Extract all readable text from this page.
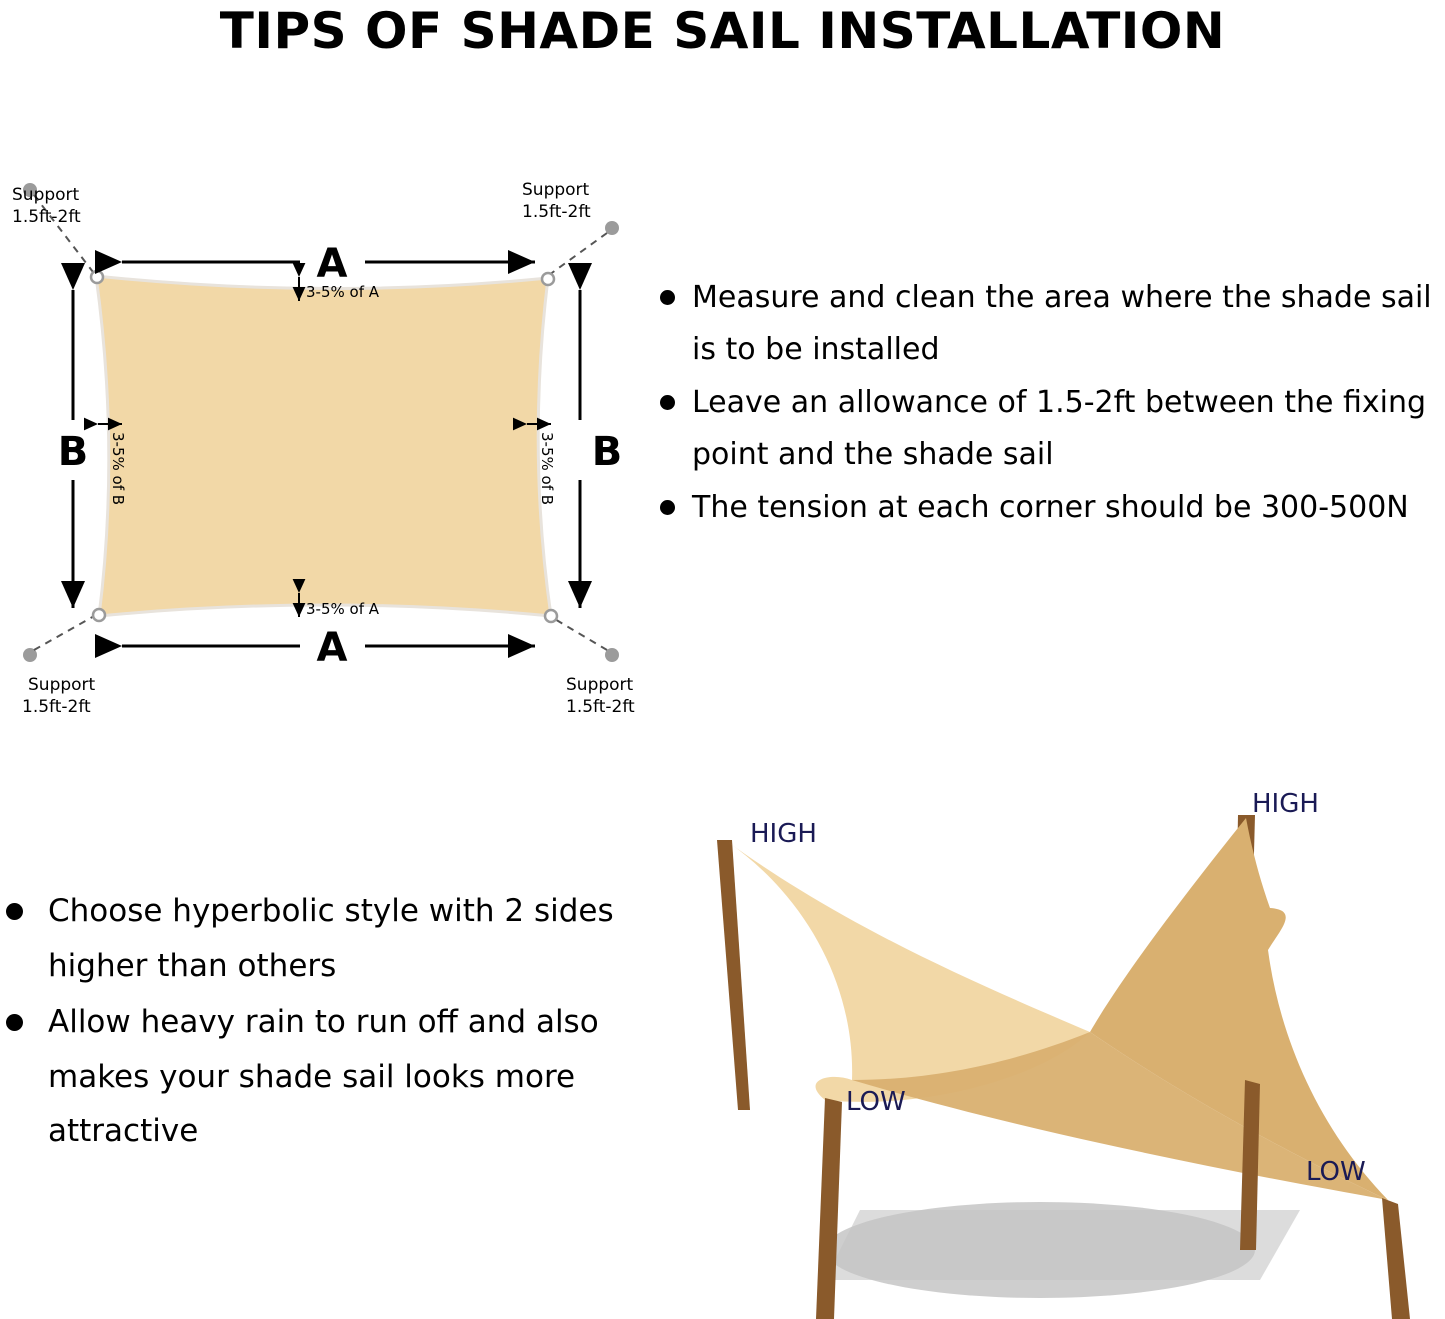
TIPS OF SHADE SAIL INSTALLATION
A
A
B	B
3-5% of A
3-5% of A
3-5% of B	3-5% of B
Support
1.5ft-2ft
Support
1.5ft-2ft
Support
1.5ft-2ft
Support
1.5ft-2ft
Measure and clean the area where the shade sail is to be installed
Leave an allowance of 1.5-2ft between the fixing point and the shade sail
The tension at each corner should be 300-500N
Choose hyperbolic style with 2 sides higher than others
Allow heavy rain to run off and also makes your shade sail looks more attractive
HIGH
HIGH
LOW
LOW
